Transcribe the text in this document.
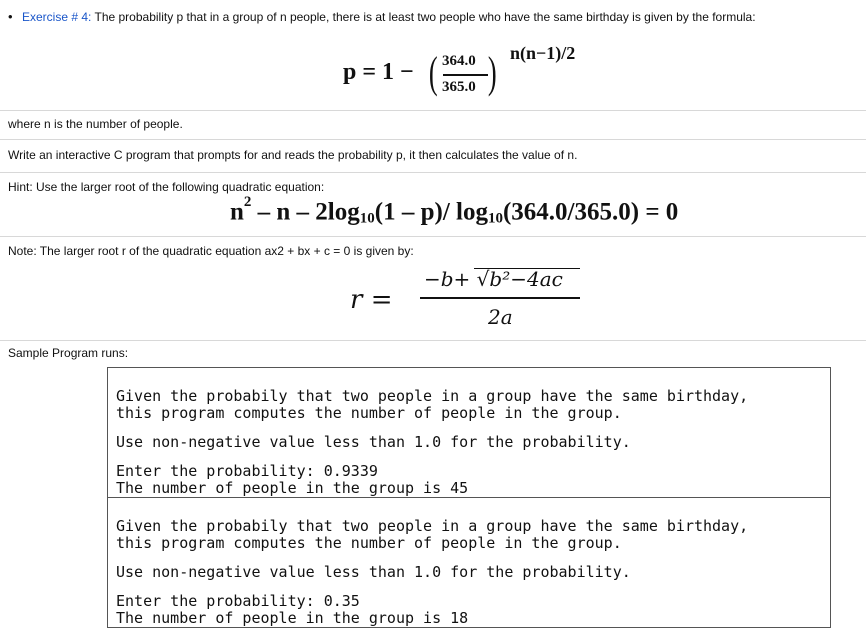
• Exercise # 4: The probability p that in a group of n people, there is at least two people who have the same birthday is given by the formula:
p = 1 − ( 364.0
365.0 ) n(n−1)/2
where n is the number of people.
Write an interactive C program that prompts for and reads the probability p, it then calculates the value of n.
Hint: Use the larger root of the following quadratic equation:
$n^2$ – n – $2\log_{10}(1 - p)/$ $\log_{10}(364.0/365.0) = 0$
Note: The larger root r of the quadratic equation ax2 + bx + c = 0 is given by:
r =
−b+ √b²−4ac
2a
Sample Program runs:

Given the probabily that two people in a group have the same birthday,
this program computes the number of people in the group.
Use non-negative value less than 1.0 for the probability.
Enter the probability: 0.9339
The number of people in the group is 45

Given the probabily that two people in a group have the same birthday,
this program computes the number of people in the group.
Use non-negative value less than 1.0 for the probability.
Enter the probability: 0.35
The number of people in the group is 18
